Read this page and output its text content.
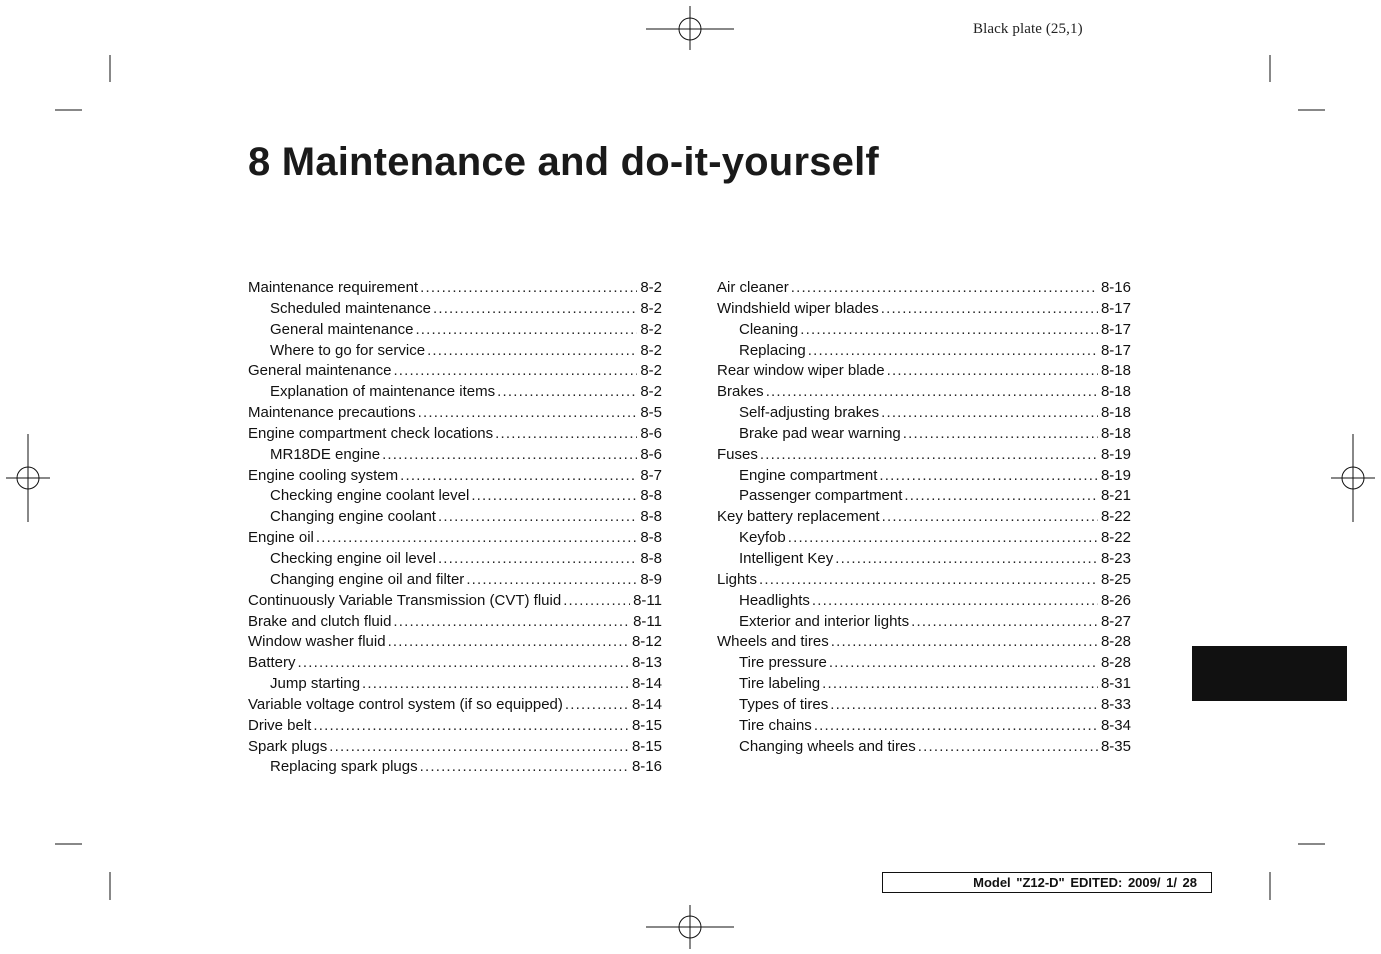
Black plate (25,1)
8 Maintenance and do-it-yourself
Maintenance requirement .....	8-2
Scheduled maintenance .....	8-2
General maintenance .....	8-2
Where to go for service .....	8-2
General maintenance .....	8-2
Explanation of maintenance items .....	8-2
Maintenance precautions .....	8-5
Engine compartment check locations .....	8-6
MR18DE engine .....	8-6
Engine cooling system .....	8-7
Checking engine coolant level .....	8-8
Changing engine coolant .....	8-8
Engine oil .....	8-8
Checking engine oil level .....	8-8
Changing engine oil and filter .....	8-9
Continuously Variable Transmission (CVT) fluid .....	8-11
Brake and clutch fluid .....	8-11
Window washer fluid .....	8-12
Battery .....	8-13
Jump starting .....	8-14
Variable voltage control system (if so equipped) .....	8-14
Drive belt .....	8-15
Spark plugs .....	8-15
Replacing spark plugs .....	8-16
Air cleaner .....	8-16
Windshield wiper blades .....	8-17
Cleaning .....	8-17
Replacing .....	8-17
Rear window wiper blade .....	8-18
Brakes .....	8-18
Self-adjusting brakes .....	8-18
Brake pad wear warning .....	8-18
Fuses .....	8-19
Engine compartment .....	8-19
Passenger compartment .....	8-21
Key battery replacement .....	8-22
Keyfob .....	8-22
Intelligent Key .....	8-23
Lights .....	8-25
Headlights .....	8-26
Exterior and interior lights .....	8-27
Wheels and tires .....	8-28
Tire pressure .....	8-28
Tire labeling .....	8-31
Types of tires .....	8-33
Tire chains .....	8-34
Changing wheels and tires .....	8-35
Model "Z12-D" EDITED: 2009/ 1/ 28
